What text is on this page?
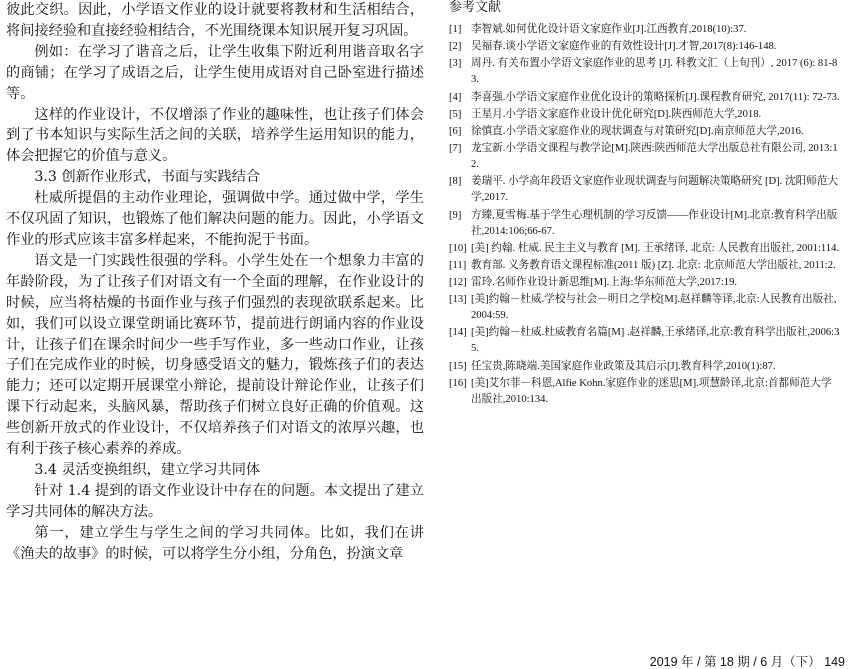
彼此交织。因此，小学语文作业的设计就要将教材和生活相结合，将间接经验和直接经验相结合，不光围绕课本知识展开复习巩固。

例如：在学习了谐音之后，让学生收集下附近利用谐音取名字的商铺；在学习了成语之后，让学生使用成语对自己卧室进行描述等。

这样的作业设计，不仅增添了作业的趣味性，也让孩子们体会到了书本知识与实际生活之间的关联，培养学生运用知识的能力，体会把握它的价值与意义。

3.3 创新作业形式，书面与实践结合

杜威所提倡的主动作业理论，强调做中学。通过做中学，学生不仅巩固了知识，也锻炼了他们解决问题的能力。因此，小学语文作业的形式应该丰富多样起来，不能拘泥于书面。

语文是一门实践性很强的学科。小学生处在一个想象力丰富的年龄阶段，为了让孩子们对语文有一个全面的理解，在作业设计的时候，应当将枯燥的书面作业与孩子们强烈的表现欲联系起来。比如，我们可以设立课堂朗诵比赛环节，提前进行朗诵内容的作业设计，让孩子们在课余时间少一些手写作业，多一些动口作业，让孩子们在完成作业的时候，切身感受语文的魅力，锻炼孩子们的表达能力；还可以定期开展课堂小辩论，提前设计辩论作业，让孩子们课下行动起来，头脑风暴，帮助孩子们树立良好正确的价值观。这些创新开放式的作业设计，不仅培养孩子们对语文的浓厚兴趣，也有利于孩子核心素养的养成。

3.4 灵活变换组织，建立学习共同体

针对 1.4 提到的语文作业设计中存在的问题。本文提出了建立学习共同体的解决方法。

第一，建立学生与学生之间的学习共同体。比如，我们在讲《渔夫的故事》的时候，可以将学生分小组，分角色，扮演文章

参考文献
[1] 李智斌.如何优化设计语文家庭作业[J].江西教育,2018(10):37.
[2] 吴福春.谈小学语文家庭作业的有效性设计[J].才智,2017(8):146-148.
[3] 周丹. 有关布置小学语文家庭作业的思考 [J]. 科教文汇（上旬刊）, 2017 (6): 81-83.
[4] 李喜强.小学语文家庭作业优化设计的策略探析[J].课程教育研究, 2017(11): 72-73.
[5] 王星月.小学语文家庭作业设计优化研究[D].陕西师范大学,2018.
[6] 徐慎直.小学语文家庭作业的现状调查与对策研究[D].南京师范大学,2016.
[7] 龙宝新.小学语文课程与教学论[M].陕西:陕西师范大学出版总社有限公司, 2013:12.
[8] 姜瑞平. 小学高年段语文家庭作业现状调查与问题解决策略研究 [D]. 沈阳师范大学,2017.
[9] 方臻,夏雪梅.基于学生心理机制的学习反馈——作业设计[M].北京:教育科学出版社,2014:106;66-67.
[10] [美] 约翰. 杜威. 民主主义与教育 [M]. 王承绪译, 北京: 人民教育出版社, 2001:114.
[11] 教育部. 义务教育语文课程标准(2011 版) [Z]. 北京: 北京师范大学出版社, 2011:2.
[12] 雷玲.名师作业设计新思维[M].上海:华东师范大学,2017:19.
[13] [美]约翰－杜威.学校与社会－明日之学校[M].赵祥麟等译,北京:人民教育出版社,2004:59.
[14] [美]约翰－杜威.杜威教育名篇[M] .赵祥麟,王承绪译,北京:教育科学出版社,2006:35.
[15] 任宝贵,陈晓端.美国家庭作业政策及其启示[J].教育科学,2010(1):87.
[16] [美]艾尔菲－科恩,Alfie Kohn.家庭作业的迷思[M].项慧龄译,北京:首都师范大学出版社,2010:134.
2019 年 / 第 18 期 / 6 月（下） 149
